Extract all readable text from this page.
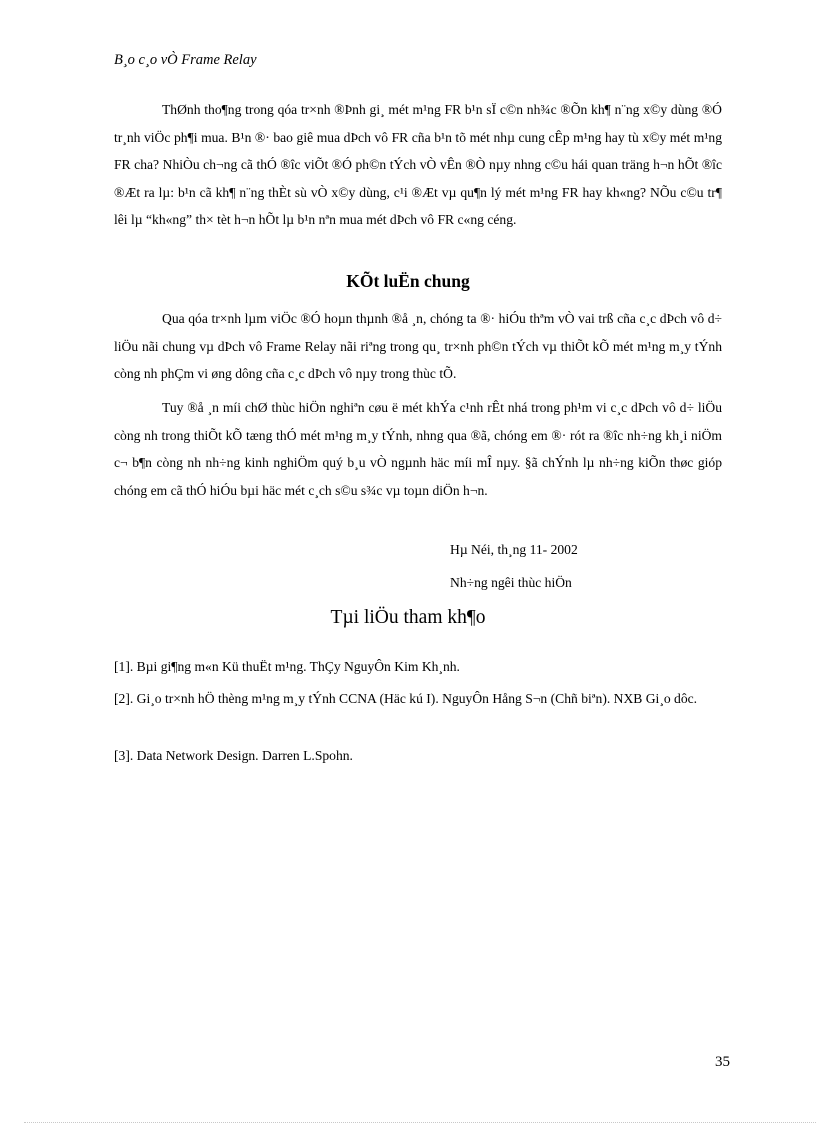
B¸o c¸o vÒ Frame Relay

ThØnh tho¶ng trong qóa tr×nh ®Þnh gi¸ mét m¹ng FR b¹n sÏ c©n nh¾c ®Õn kh¶ n¨ng x©y dùng ®Ó tr¸nh viÖc ph¶i mua. B¹n ®· bao giê mua dÞch vô FR cña b¹n tõ mét nhµ cung cÊp m¹ng hay tù x©y mét m¹ng FR cha? NhiÒu ch¬ng cã thÓ ®îc viÕt ®Ó ph©n tÝch vÒ vÊn ®Ò nµy nhng c©u hái quan träng h¬n hÕt ®îc ®Æt ra lµ: b¹n cã kh¶ n¨ng thÈt sù vÒ x©y dùng, c¹i ®Æt vµ qu¶n lý mét m¹ng FR hay kh«ng? NÕu c©u tr¶ lêi lµ “kh«ng” th× tèt h¬n hÕt lµ b¹n nªn mua mét dÞch vô FR c«ng céng.

KÕt luËn chung

Qua qóa tr×nh lµm viÖc ®Ó hoµn thµnh ®å ¸n, chóng ta ®· hiÓu thªm vÒ vai trß cña c¸c dÞch vô d÷ liÖu nãi chung vµ dÞch vô Frame Relay nãi riªng trong qu¸ tr×nh ph©n tÝch vµ thiÕt kÕ mét m¹ng m¸y tÝnh còng nh phÇm vi øng dông cña c¸c dÞch vô nµy trong thùc tÕ.

Tuy ®å ¸n míi chØ thùc hiÖn nghiªn cøu ë mét khÝa c¹nh rÊt nhá trong ph¹m vi c¸c dÞch vô d÷ liÖu còng nh trong thiÕt kÕ tæng thÓ mét m¹ng m¸y tÝnh, nhng qua ®ã, chóng em ®· rót ra ®îc nh÷ng kh¸i niÖm c¬ b¶n còng nh nh÷ng kinh nghiÖm quý b¸u vÒ ngµnh häc míi mÎ nµy. §ã chÝnh lµ nh÷ng kiÕn thøc gióp chóng em cã thÓ hiÓu bµi häc mét c¸ch s©u s¾c vµ toµn diÖn h¬n.

Hµ Néi, th¸ng 11- 2002
Nh÷ng ngêi thùc hiÖn
Tµi liÖu tham kh¶o

[1]. Bµi gi¶ng m«n Kü thuËt m¹ng. ThÇy NguyÔn Kim Kh¸nh.

[2]. Gi¸o tr×nh hÖ thèng m¹ng m¸y tÝnh CCNA (Häc kú I). NguyÔn Hång S¬n (Chñ biªn). NXB Gi¸o dôc.

[3]. Data Network Design. Darren L.Spohn.

35
